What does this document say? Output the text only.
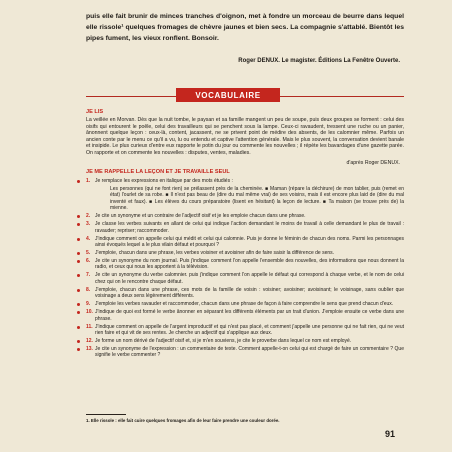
puis elle fait brunir de minces tranches d'oignon, met à fondre un morceau de beurre dans lequel elle rissole¹ quelques fromages de chèvre jaunes et bien secs. La compagnie s'attablé. Bientôt les pipes fument, les vieux ronflent. Bonsoir.

Roger DENUX. Le magister. Éditions La Fenêtre Ouverte.
VOCABULAIRE
JE LIS

La veillée en Morvan. Dès que la nuit tombe, le paysan et sa famille mangent un peu de soupe, puis deux groupes se forment : celui des oisifs qui entourent le poêle, celui des travailleurs qui se penchent sous la lampe. Ceux-ci ravaudent, tressent une ruche ou un panier, ânonnent quelque leçon : ceux-là, content, jacassent, ne se privent point de médire des absents, de les calomnier même. Parfois un ancien conte par le menu ce qu'il a vu, lu ou entendu et captive l'attention générale. Mais le plus souvent, la conversation devient banale et insipide. Le plus curieux d'entre eux rapporte le potin du jour ou commente les nouvelles ; il répète les bavardages d'une gazette parée. On rapporte et on commente les nouvelles : disputes, ventes, maladies.

d'après Roger DENUX.
JE ME RAPPELLE LA LEÇON ET JE TRAVAILLE SEUL
1. Je remplace les expressions en italique par des mots étudiés :
Les personnes (qui ne font rien) se prélassent près de la cheminée. ■ Maman (répare la déchirure) de mon tablier, puis (remet en état) l'ourlet de sa robe. ■ Il n'est pas beau de (dire du mal même vrai) de ses voisins, mais il est encore plus laid de (dire du mal inventé et faux). ■ Les élèves du cours préparatoire (lisent en hésitant) la leçon de lecture. ■ Ta maison (se trouve près de) la mienne.
2. Je cite un synonyme et un contraire de l'adjectif oisif et je les emploie chacun dans une phrase.
3. Je classe les verbes suivants en allant de celui qui indique l'action demandant le moins de travail à celle demandant le plus de travail : ravauder; repriser; raccommoder.
4. J'indique comment on appelle celui qui médit et celui qui calomnie. Puis je donne le féminin de chacun des noms. Parmi les personnages ainsi évoqués lequel a le plus vilain défaut et pourquoi ?
5. J'emploie, chacun dans une phrase, les verbes voisiner et avoisiner afin de faire saisir la différence de sens.
6. Je cite un synonyme du nom journal. Puis j'indique comment l'on appelle l'ensemble des nouvelles, des informations que nous donnent la radio, et ceux qui nous les apportent à la télévision.
7. Je cite un synonyme du verbe calomnier. puis j'indique comment l'on appelle le défaut qui correspond à chaque verbe, et le nom de celui chez qui on le rencontre chaque défaut.
8. J'emploie, chacun dans une phrase, ces mots de la famille de voisin : voisiner; avoisiner; avoisinant; le voisinage, sans oublier que voisinage a deux sens légèrement différents.
9. J'emploie les verbes ravauder et raccommoder, chacun dans une phrase de façon à faire comprendre le sens que prend chacun d'eux.
10. J'indique de quoi est formé le verbe ânonner en séparant les différents éléments par un trait d'union. J'emploie ensuite ce verbe dans une phrase.
11. J'indique comment on appelle de l'argent improductif et qui n'est pas placé, et comment j'appelle une personne qui ne fait rien, qui ne veut rien faire et qui vit de ses rentes. Je cherche un adjectif qui s'applique aux deux.
12. Je forme un nom dérivé de l'adjectif oisif et, si je m'en souviens, je cite le proverbe dans lequel ce nom est employé.
13. Je cite un synonyme de l'expression : un commentaire de texte. Comment appelle-t-on celui qui est chargé de faire un commentaire ? Que signifie le verbe commenter ?
1. Elle rissole : elle fait cuire quelques fromages afin de leur faire prendre une couleur dorée.
91
